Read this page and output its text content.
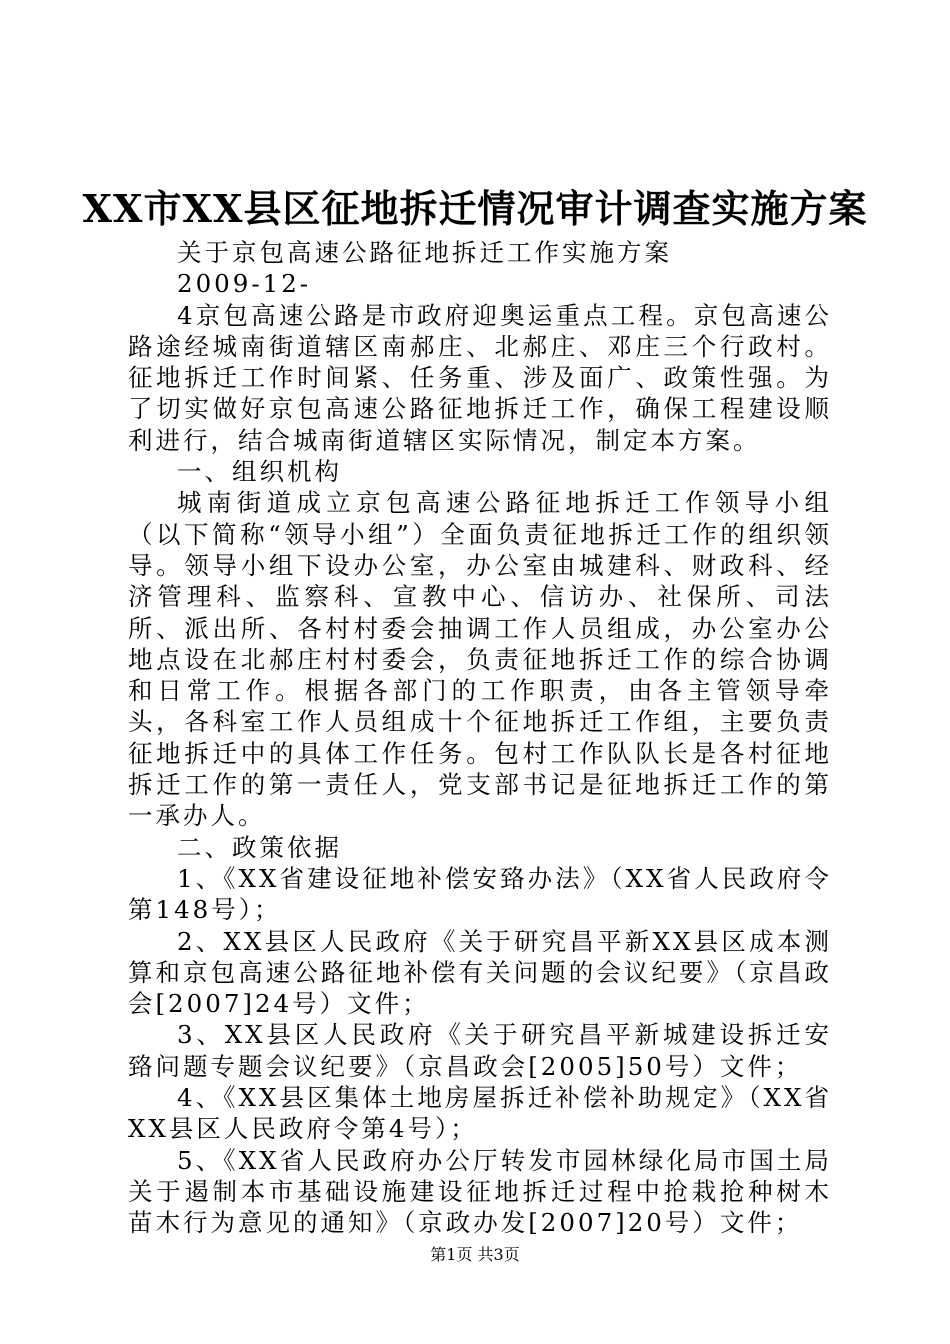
XX市XX县区征地拆迁情况审计调查实施方案

关于京包高速公路征地拆迁工作实施方案

2009-12-

4京包高速公路是市政府迎奥运重点工程。京包高速公路途经城南街道辖区南郝庄、北郝庄、邓庄三个行政村。征地拆迁工作时间紧、任务重、涉及面广、政策性强。为了切实做好京包高速公路征地拆迁工作，确保工程建设顺利进行，结合城南街道辖区实际情况，制定本方案。

一、组织机构

城南街道成立京包高速公路征地拆迁工作领导小组（以下简称“领导小组”）全面负责征地拆迁工作的组织领导。领导小组下设办公室，办公室由城建科、财政科、经济管理科、监察科、宣教中心、信访办、社保所、司法所、派出所、各村村委会抽调工作人员组成，办公室办公地点设在北郝庄村村委会，负责征地拆迁工作的综合协调和日常工作。根据各部门的工作职责，由各主管领导牵头，各科室工作人员组成十个征地拆迁工作组，主要负责征地拆迁中的具体工作任务。包村工作队队长是各村征地拆迁工作的第一责任人，党支部书记是征地拆迁工作的第一承办人。

二、政策依据

1、《XX省建设征地补偿安臵办法》（XX省人民政府令第148号）；

2、XX县区人民政府《关于研究昌平新XX县区成本测算和京包高速公路征地补偿有关问题的会议纪要》（京昌政会[2007]24号）文件；

3、XX县区人民政府《关于研究昌平新城建设拆迁安臵问题专题会议纪要》（京昌政会[2005]50号）文件；

4、《XX县区集体土地房屋拆迁补偿补助规定》（XX省XX县区人民政府令第4号）；

5、《XX省人民政府办公厅转发市园林绿化局市国土局关于遏制本市基础设施建设征地拆迁过程中抢栽抢种树木苗木行为意见的通知》（京政办发[2007]20号）文件；

第1页 共3页
